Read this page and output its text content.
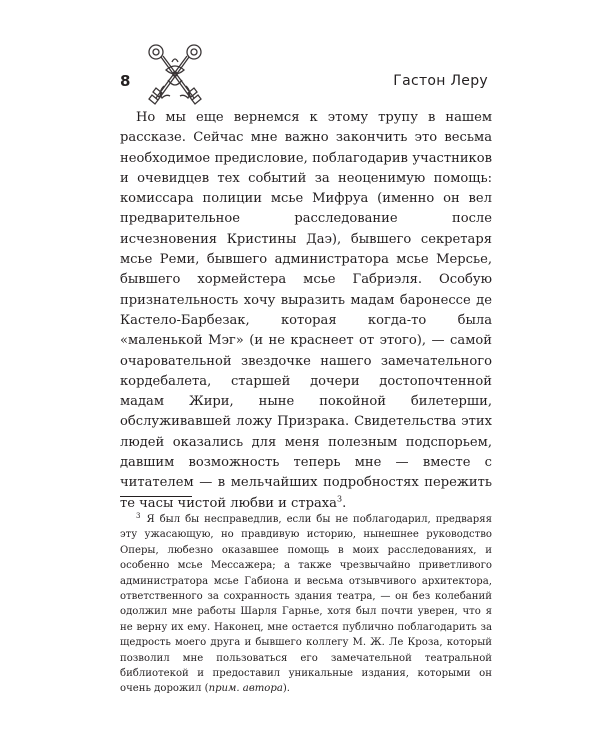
8	Гастон Леру

Но мы еще вернемся к этому трупу в нашем рассказе. Сейчас мне важно закончить это весьма необходимое предисловие, поблагодарив участников и очевидцев тех событий за неоценимую помощь: комиссара полиции мсье Мифруа (именно он вел предварительное расследование после исчезновения Кристины Даэ), бывшего секретаря мсье Реми, бывшего администратора мсье Мерсье, бывшего хормейстера мсье Габриэля. Особую признательность хочу выразить мадам баронессе де Кастело-Барбезак, которая когда-то была «маленькой Мэг» (и не краснеет от этого), — самой очаровательной звездочке нашего замечательного кордебалета, старшей дочери достопочтенной мадам Жири, ныне покойной билетерши, обслуживавшей ложу Призрака. Свидетельства этих людей оказались для меня полезным подспорьем, давшим возможность теперь мне — вместе с читателем — в мельчайших подробностях пережить те часы чистой любви и страха$^3$.

$^3$ Я был бы несправедлив, если бы не поблагодарил, предваряя эту ужасающую, но правдивую историю, нынешнее руководство Оперы, любезно оказавшее помощь в моих расследованиях, и особенно мсье Мессажера; а также чрезвычайно приветливого администратора мсье Габиона и весьма отзывчивого архитектора, ответственного за сохранность здания театра, — он без колебаний одолжил мне работы Шарля Гарнье, хотя был почти уверен, что я не верну их ему. Наконец, мне остается публично поблагодарить за щедрость моего друга и бывшего коллегу М. Ж. Ле Кроза, который позволил мне пользоваться его замечательной театральной библиотекой и предоставил уникальные издания, которыми он очень дорожил (прим. автора).
